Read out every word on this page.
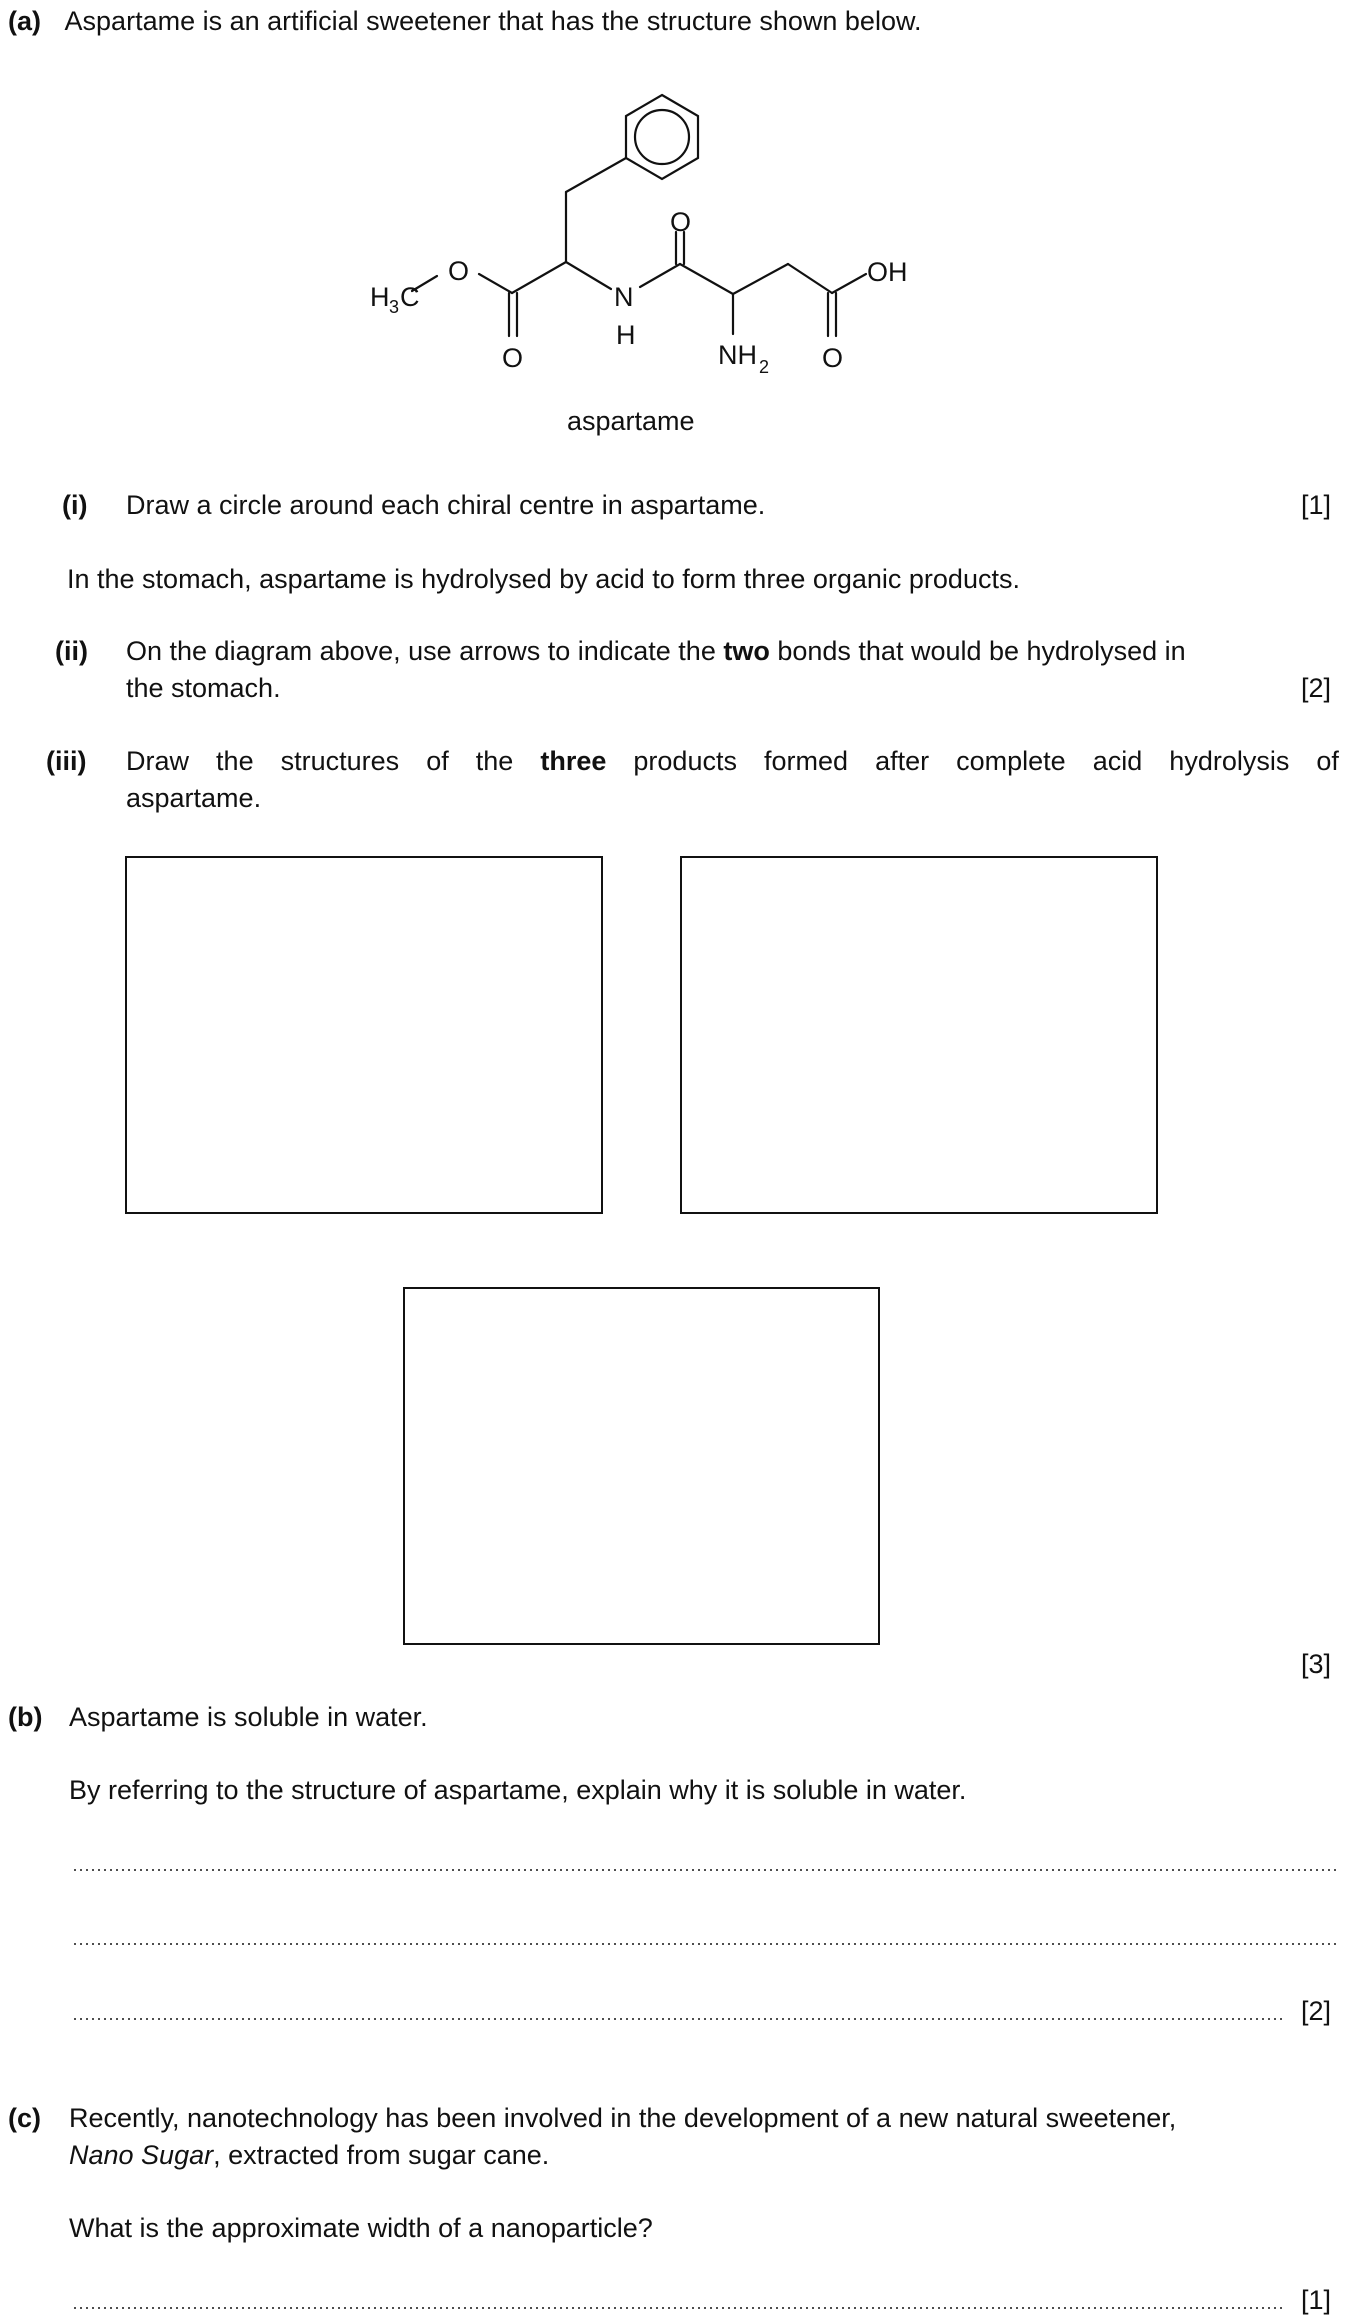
(a) Aspartame is an artificial sweetener that has the structure shown below.
H 3 C
O
O
N
H
O
NH 2 O
OH
aspartame
(i) Draw a circle around each chiral centre in aspartame.	[1]
In the stomach, aspartame is hydrolysed by acid to form three organic products.
(ii) On the diagram above, use arrows to indicate the two bonds that would be hydrolysed in
the stomach.	[2]
(iii) Draw the structures of the three products formed after complete acid hydrolysis of
aspartame.
[3]
(b) Aspartame is soluble in water.
By referring to the structure of aspartame, explain why it is soluble in water.
[2]
(c) Recently, nanotechnology has been involved in the development of a new natural sweetener,
Nano Sugar, extracted from sugar cane.
What is the approximate width of a nanoparticle?
[1]
